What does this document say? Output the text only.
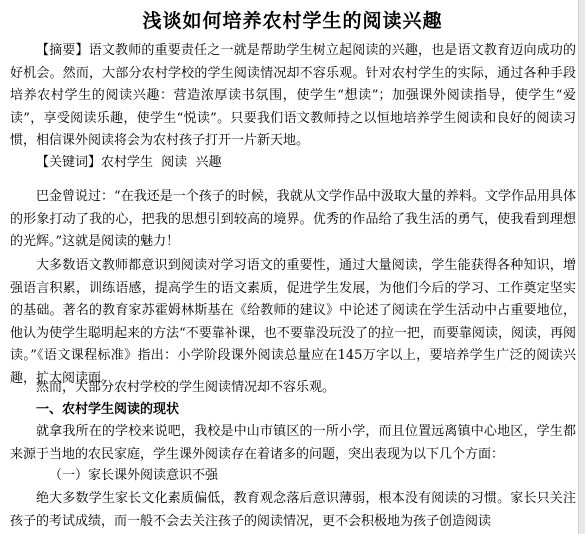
浅谈如何培养农村学生的阅读兴趣
【摘要】语文教师的重要责任之一就是帮助学生树立起阅读的兴趣，也是语文教育迈向成功的好机会。然而，大部分农村学校的学生阅读情况却不容乐观。针对农村学生的实际，通过各种手段培养农村学生的阅读兴趣：营造浓厚读书氛围，使学生“想读”；加强课外阅读指导，使学生“爱读”，享受阅读乐趣，使学生“悦读”。只要我们语文教师持之以恒地培养学生阅读和良好的阅读习惯，相信课外阅读将会为农村孩子打开一片新天地。
【关键词】农村学生  阅读  兴趣
巴金曾说过：“在我还是一个孩子的时候，我就从文学作品中汲取大量的养料。文学作品用具体的形象打动了我的心，把我的思想引到较高的境界。优秀的作品给了我生活的勇气，使我看到理想的光辉。”这就是阅读的魅力！
大多数语文教师都意识到阅读对学习语文的重要性，通过大量阅读，学生能获得各种知识，增强语言积累，训练语感，提高学生的语文素质，促进学生发展，为他们今后的学习、工作奠定坚实的基础。著名的教育家苏霍姆林斯基在《给教师的建议》中论述了阅读在学生活动中占重要地位，他认为使学生聪明起来的方法“不要靠补课，也不要靠没玩没了的拉一把，而要靠阅读，阅读，再阅读。”《语文课程标准》指出：小学阶段课外阅读总量应在145万字以上，要培养学生广泛的阅读兴趣，扩大阅读面。
然而，大部分农村学校的学生阅读情况却不容乐观。
一、农村学生阅读的现状
就拿我所在的学校来说吧，我校是中山市镇区的一所小学，而且位置远离镇中心地区，学生都来源于当地的农民家庭，学生课外阅读存在着诸多的问题，突出表现为以下几个方面：
（一）家长课外阅读意识不强
绝大多数学生家长文化素质偏低，教育观念落后意识薄弱，根本没有阅读的习惯。家长只关注孩子的考试成绩，而一般不会去关注孩子的阅读情况，更不会积极地为孩子创造阅读
